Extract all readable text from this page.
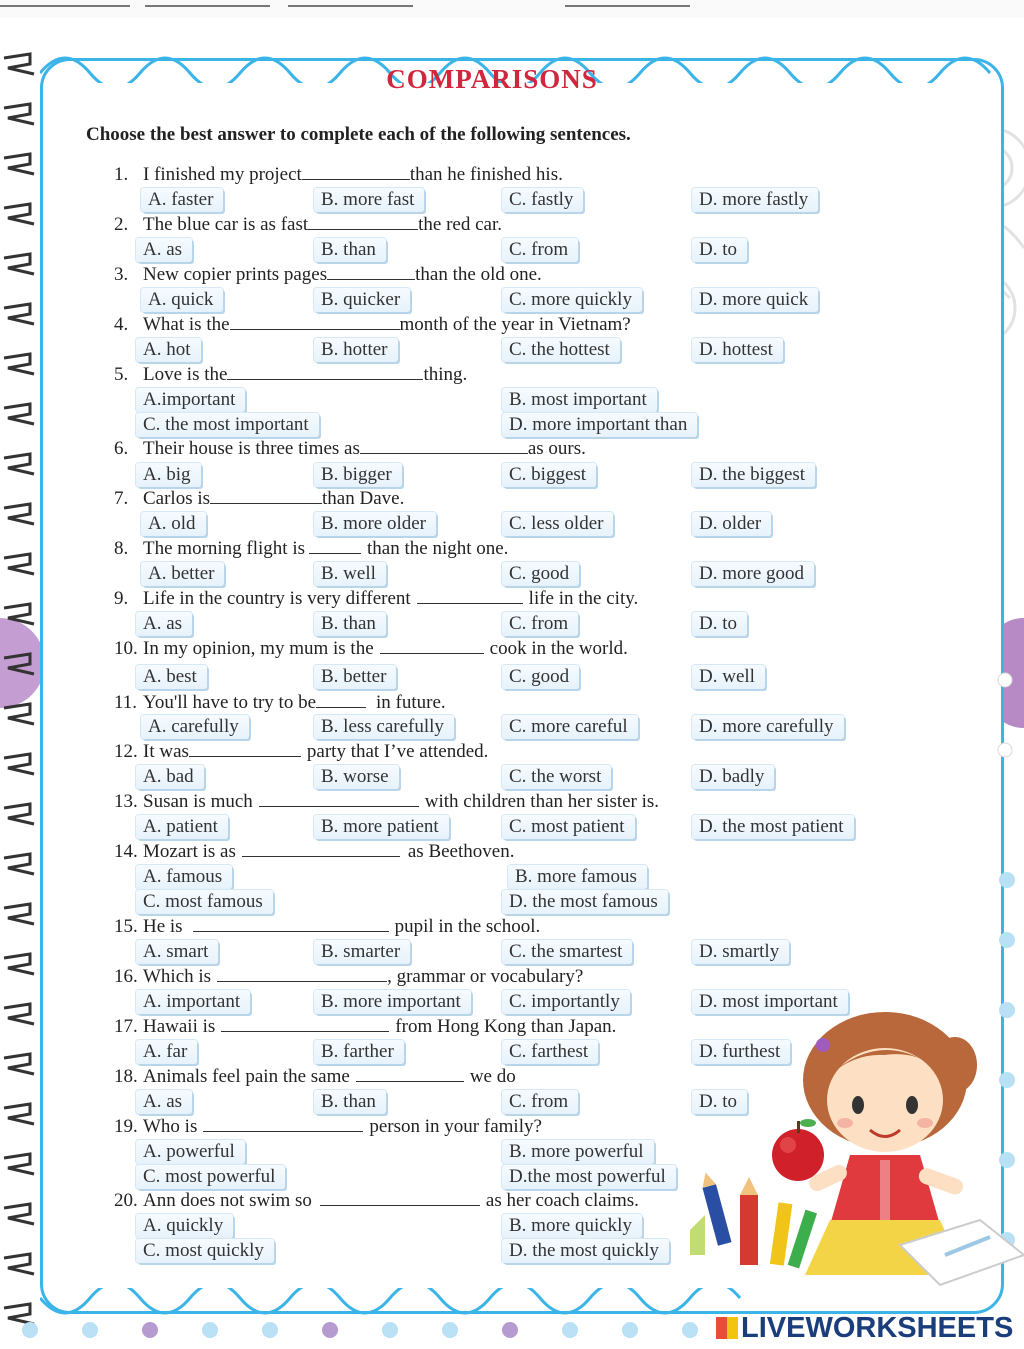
COMPARISONS

Choose the best answer to complete each of the following sentences.

1. I finished my project	than he finished his.
A. faster	B. more fast	C. fastly	D. more fastly
2. The blue car is as fast	the red car.
A. as	B. than	C. from	D. to
3. New copier prints pages	than the old one.
A. quick	B. quicker	C. more quickly	D. more quick
4. What is the	month of the year in Vietnam?
A. hot	B. hotter	C. the hottest	D. hottest
5. Love is the	thing.
A.important	B. most important
C. the most important	D. more important than
6. Their house is three times as	as ours.
A. big	B. bigger	C. biggest	D. the biggest
7. Carlos is	than Dave.
A. old	B. more older	C. less older	D. older
8. The morning flight is	than the night one.
A. better	B. well	C. good	D. more good
9. Life in the country is very different	life in the city.
A. as	B. than	C. from	D. to
10. In my opinion, my mum is the	cook in the world.
A. best	B. better	C. good	D. well
11. You'll have to try to be	in future.
A. carefully	B. less carefully	C. more careful	D. more carefully
12. It was	party that I’ve attended.
A. bad	B. worse	C. the worst	D. badly
13. Susan is much	with children than her sister is.
A. patient	B. more patient	C. most patient	D. the most patient
14. Mozart is as	as Beethoven.
A. famous	B. more famous
C. most famous	D. the most famous
15. He is	pupil in the school.
A. smart	B. smarter	C. the smartest	D. smartly
16. Which is	, grammar or vocabulary?
A. important	B. more important	C. importantly	D. most important
17. Hawaii is	from Hong Kong than Japan.
A. far	B. farther	C. farthest	D. furthest
18. Animals feel pain the same	we do
A. as	B. than	C. from	D. to
19. Who is	person in your family?
A. powerful	B. more powerful
C. most powerful	D.the most powerful
20. Ann does not swim so	as her coach claims.
A. quickly	B. more quickly
C. most quickly	D. the most quickly
LIVEWORKSHEETS
